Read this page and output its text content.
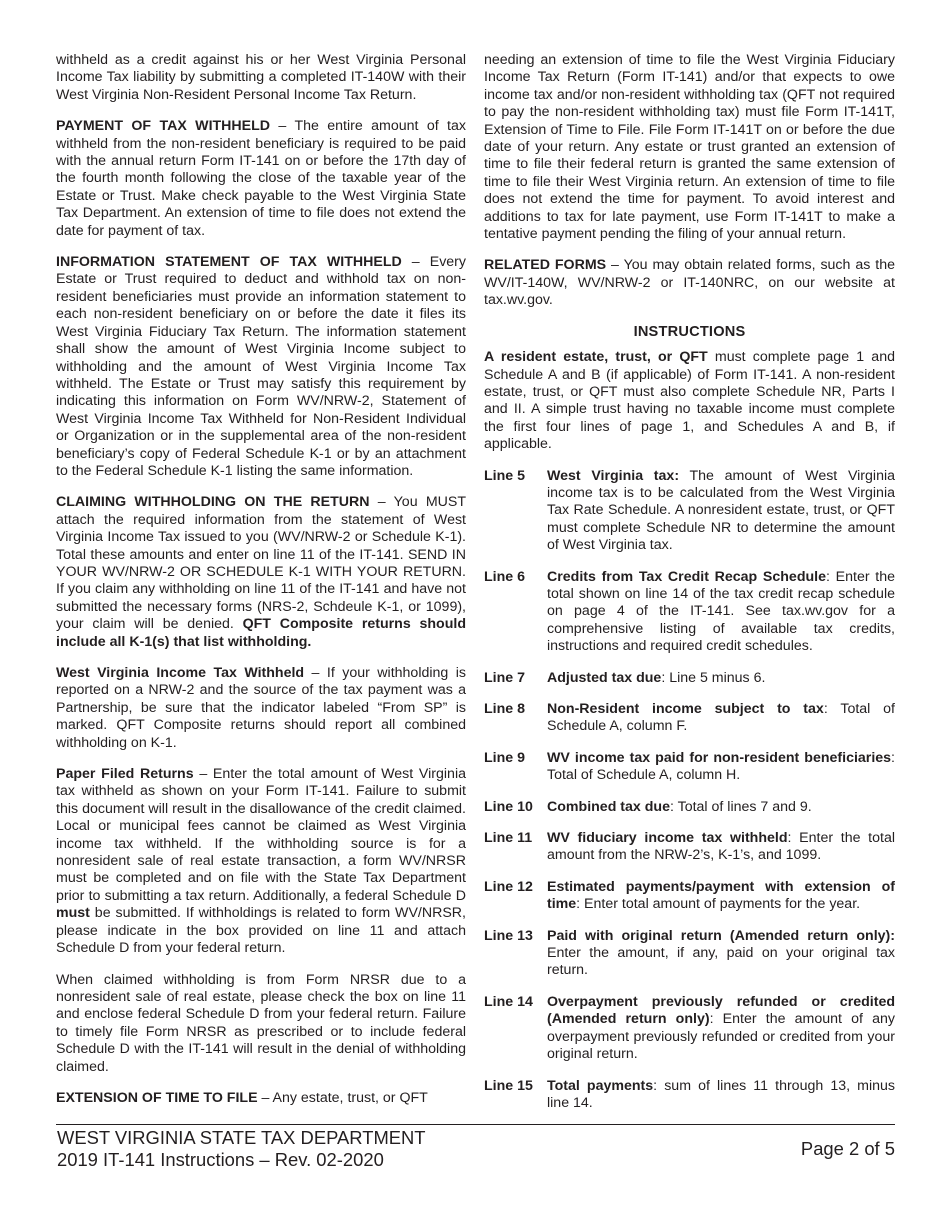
withheld as a credit against his or her West Virginia Personal Income Tax liability by submitting a completed IT-140W with their West Virginia Non-Resident Personal Income Tax Return.

PAYMENT OF TAX WITHHELD – The entire amount of tax withheld from the non-resident beneficiary is required to be paid with the annual return Form IT-141 on or before the 17th day of the fourth month following the close of the taxable year of the Estate or Trust. Make check payable to the West Virginia State Tax Department. An extension of time to file does not extend the date for payment of tax.

INFORMATION STATEMENT OF TAX WITHHELD – Every Estate or Trust required to deduct and withhold tax on non-resident beneficiaries must provide an information statement to each non-resident beneficiary on or before the date it files its West Virginia Fiduciary Tax Return. The information statement shall show the amount of West Virginia Income subject to withholding and the amount of West Virginia Income Tax withheld. The Estate or Trust may satisfy this requirement by indicating this information on Form WV/NRW-2, Statement of West Virginia Income Tax Withheld for Non-Resident Individual or Organization or in the supplemental area of the non-resident beneficiary’s copy of Federal Schedule K-1 or by an attachment to the Federal Schedule K-1 listing the same information.

CLAIMING WITHHOLDING ON THE RETURN – You MUST attach the required information from the statement of West Virginia Income Tax issued to you (WV/NRW-2 or Schedule K-1). Total these amounts and enter on line 11 of the IT-141. SEND IN YOUR WV/NRW-2 OR SCHEDULE K-1 WITH YOUR RETURN. If you claim any withholding on line 11 of the IT-141 and have not submitted the necessary forms (NRS-2, Schdeule K-1, or 1099), your claim will be denied. QFT Composite returns should include all K-1(s) that list withholding.

West Virginia Income Tax Withheld – If your withholding is reported on a NRW-2 and the source of the tax payment was a Partnership, be sure that the indicator labeled “From SP” is marked. QFT Composite returns should report all combined withholding on K-1.

Paper Filed Returns – Enter the total amount of West Virginia tax withheld as shown on your Form IT-141. Failure to submit this document will result in the disallowance of the credit claimed. Local or municipal fees cannot be claimed as West Virginia income tax withheld. If the withholding source is for a nonresident sale of real estate transaction, a form WV/NRSR must be completed and on file with the State Tax Department prior to submitting a tax return. Additionally, a federal Schedule D must be submitted. If withholdings is related to form WV/NRSR, please indicate in the box provided on line 11 and attach Schedule D from your federal return.

When claimed withholding is from Form NRSR due to a nonresident sale of real estate, please check the box on line 11 and enclose federal Schedule D from your federal return. Failure to timely file Form NRSR as prescribed or to include federal Schedule D with the IT-141 will result in the denial of withholding claimed.

EXTENSION OF TIME TO FILE – Any estate, trust, or QFT

needing an extension of time to file the West Virginia Fiduciary Income Tax Return (Form IT-141) and/or that expects to owe income tax and/or non-resident withholding tax (QFT not required to pay the non-resident withholding tax) must file Form IT-141T, Extension of Time to File. File Form IT-141T on or before the due date of your return. Any estate or trust granted an extension of time to file their federal return is granted the same extension of time to file their West Virginia return. An extension of time to file does not extend the time for payment. To avoid interest and additions to tax for late payment, use Form IT-141T to make a tentative payment pending the filing of your annual return.

RELATED FORMS – You may obtain related forms, such as the WV/IT-140W, WV/NRW-2 or IT-140NRC, on our website at tax.wv.gov.

INSTRUCTIONS

A resident estate, trust, or QFT must complete page 1 and Schedule A and B (if applicable) of Form IT-141. A non-resident estate, trust, or QFT must also complete Schedule NR, Parts I and II. A simple trust having no taxable income must complete the first four lines of page 1, and Schedules A and B, if applicable.

Line 5	West Virginia tax: The amount of West Virginia income tax is to be calculated from the West Virginia Tax Rate Schedule. A nonresident estate, trust, or QFT must complete Schedule NR to determine the amount of West Virginia tax.
Line 6	Credits from Tax Credit Recap Schedule: Enter the total shown on line 14 of the tax credit recap schedule on page 4 of the IT-141. See tax.wv.gov for a comprehensive listing of available tax credits, instructions and required credit schedules.
Line 7	Adjusted tax due: Line 5 minus 6.
Line 8	Non-Resident income subject to tax: Total of Schedule A, column F.
Line 9	WV income tax paid for non-resident beneficiaries: Total of Schedule A, column H.
Line 10 Combined tax due: Total of lines 7 and 9.
Line 11	WV fiduciary income tax withheld: Enter the total amount from the NRW-2’s, K-1’s, and 1099.
Line 12 Estimated payments/payment with extension of time: Enter total amount of payments for the year.
Line 13 Paid with original return (Amended return only): Enter the amount, if any, paid on your original tax return.
Line 14 Overpayment previously refunded or credited (Amended return only): Enter the amount of any overpayment previously refunded or credited from your original return.
Line 15 Total payments: sum of lines 11 through 13, minus line 14.
WEST VIRGINIA STATE TAX DEPARTMENT
2019 IT-141 Instructions – Rev. 02-2020
Page 2 of 5
